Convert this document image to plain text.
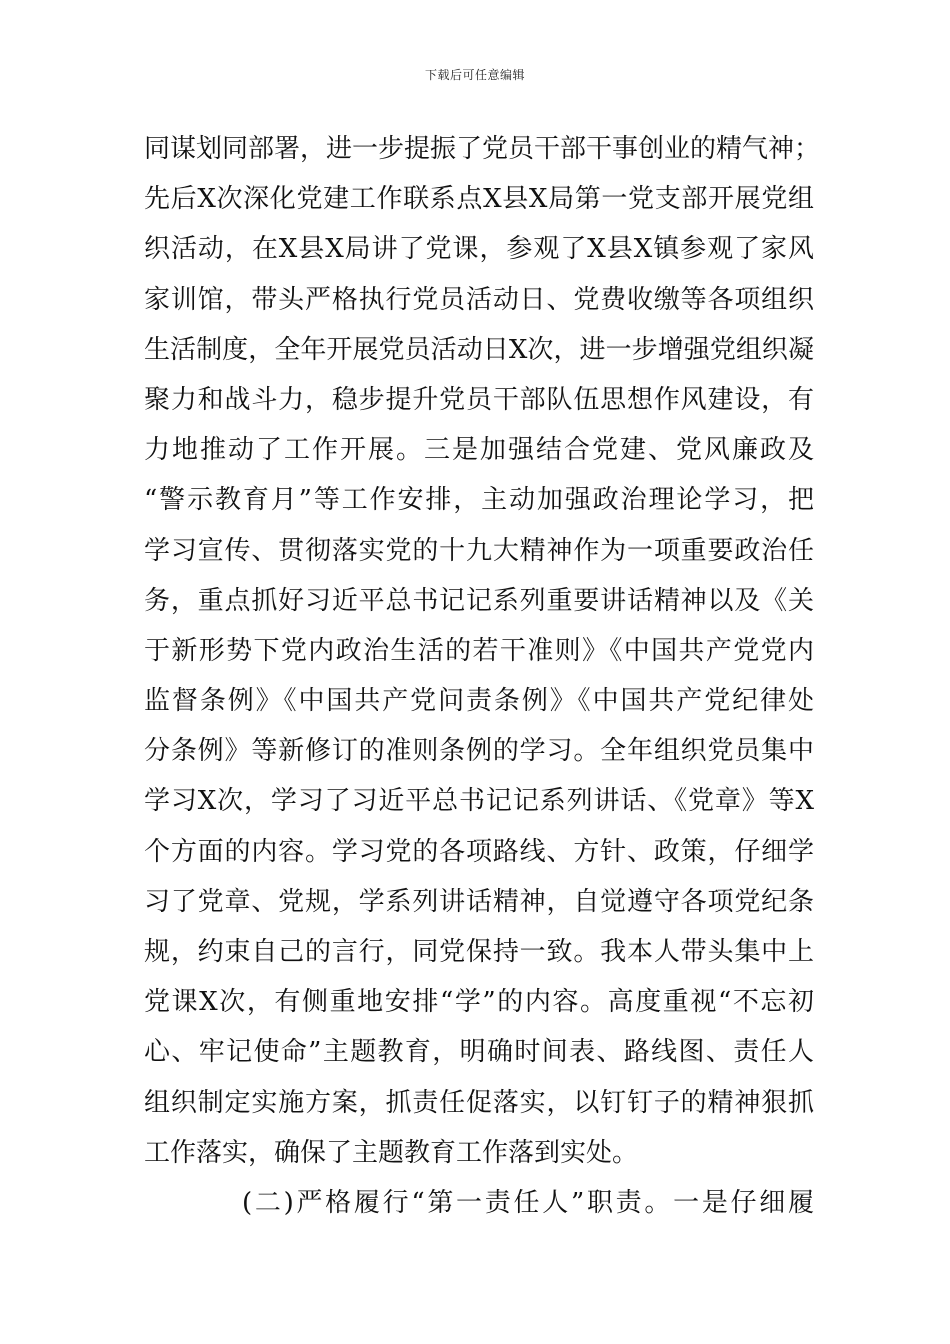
下载后可任意编辑
同谋划同部署，进一步提振了党员干部干事创业的精气神；
先后X次深化党建工作联系点X县X局第一党支部开展党组
织活动，在X县X局讲了党课，参观了X县X镇参观了家风
家训馆，带头严格执行党员活动日、党费收缴等各项组织
生活制度，全年开展党员活动日X次，进一步增强党组织凝
聚力和战斗力，稳步提升党员干部队伍思想作风建设，有
力地推动了工作开展。三是加强结合党建、党风廉政及
“警示教育月”等工作安排，主动加强政治理论学习，把
学习宣传、贯彻落实党的十九大精神作为一项重要政治任
务，重点抓好习近平总书记记系列重要讲话精神以及《关
于新形势下党内政治生活的若干准则》《中国共产党党内
监督条例》《中国共产党问责条例》《中国共产党纪律处
分条例》等新修订的准则条例的学习。全年组织党员集中
学习X次，学习了习近平总书记记系列讲话、《党章》等X
个方面的内容。学习党的各项路线、方针、政策，仔细学
习了党章、党规，学系列讲话精神，自觉遵守各项党纪条
规，约束自己的言行，同党保持一致。我本人带头集中上
党课X次，有侧重地安排“学”的内容。高度重视“不忘初
心、牢记使命”主题教育，明确时间表、路线图、责任人
组织制定实施方案，抓责任促落实，以钉钉子的精神狠抓
工作落实，确保了主题教育工作落到实处。
(二)严格履行“第一责任人”职责。一是仔细履
